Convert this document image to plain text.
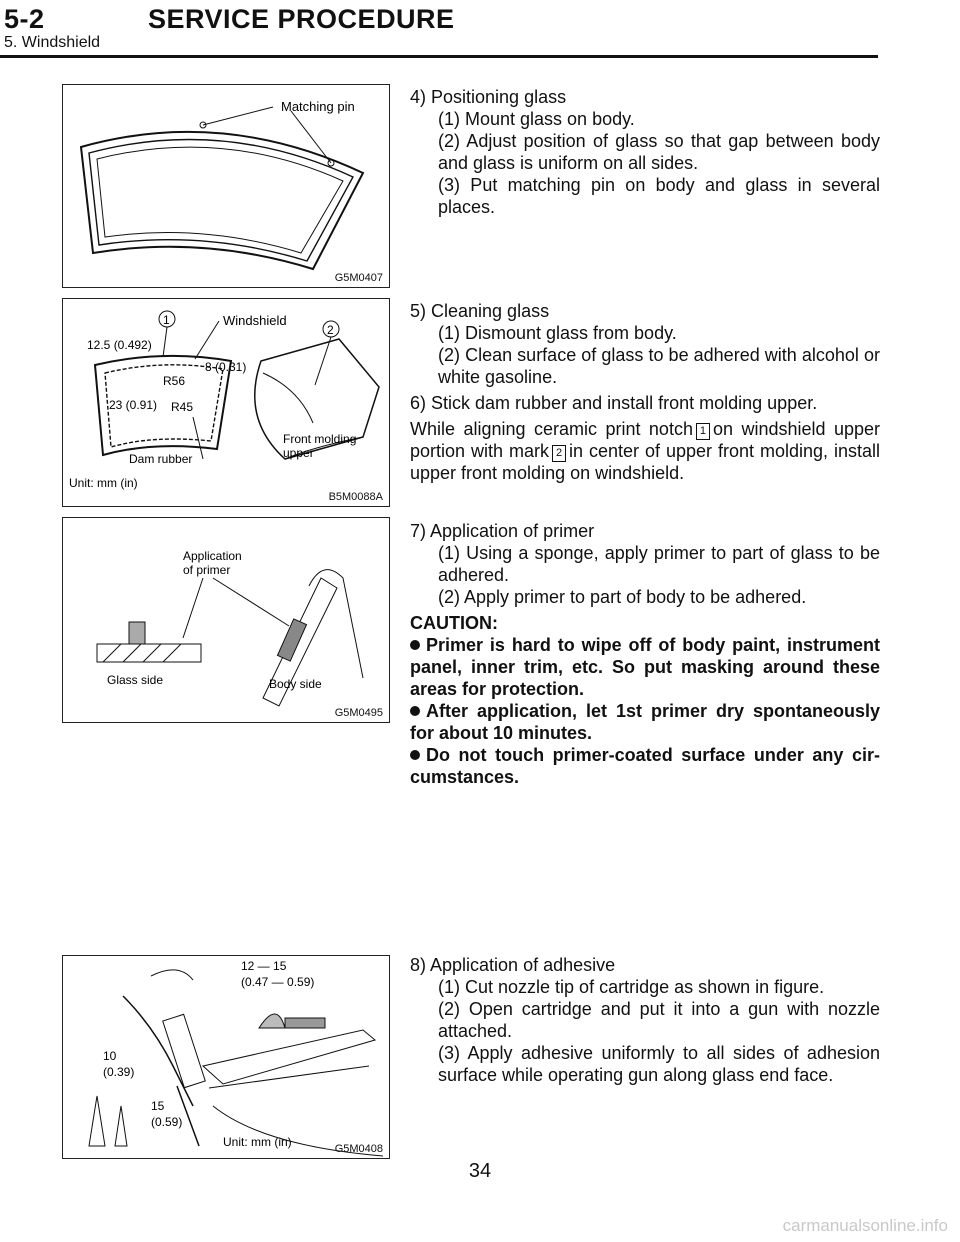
5-2	SERVICE PROCEDURE
5. Windshield
Matching pin
G5M0407
1	Windshield
2
12.5 (0.492)
R56
8 (0.31)
23 (0.91) R45
Dam rubber
Front molding
upper
Unit: mm (in)
B5M0088A
Application
of primer
Glass side	Body side
G5M0495
12 — 15
(0.47 — 0.59)
10
(0.39)
15
(0.59)
Unit: mm (in)	G5M0408

4) Positioning glass

(1) Mount glass on body.

(2) Adjust position of glass so that gap between body and glass is uniform on all sides.

(3) Put matching pin on body and glass in several places.

5) Cleaning glass

(1) Dismount glass from body.

(2) Clean surface of glass to be adhered with alcohol or white gasoline.

6) Stick dam rubber and install front molding upper.

While aligning ceramic print notch 1 on windshield upper portion with mark 2 in center of upper front molding, install upper front molding on windshield.

7) Application of primer

(1) Using a sponge, apply primer to part of glass to be adhered.

(2) Apply primer to part of body to be adhered.

CAUTION:

Primer is hard to wipe off of body paint, instrument panel, inner trim, etc. So put masking around these areas for protection.

After application, let 1st primer dry spontaneously for about 10 minutes.

Do not touch primer-coated surface under any cir- cumstances.

8) Application of adhesive

(1) Cut nozzle tip of cartridge as shown in figure.

(2) Open cartridge and put it into a gun with nozzle attached.

(3) Apply adhesive uniformly to all sides of adhesion surface while operating gun along glass end face.

34
carmanualsonline.info
